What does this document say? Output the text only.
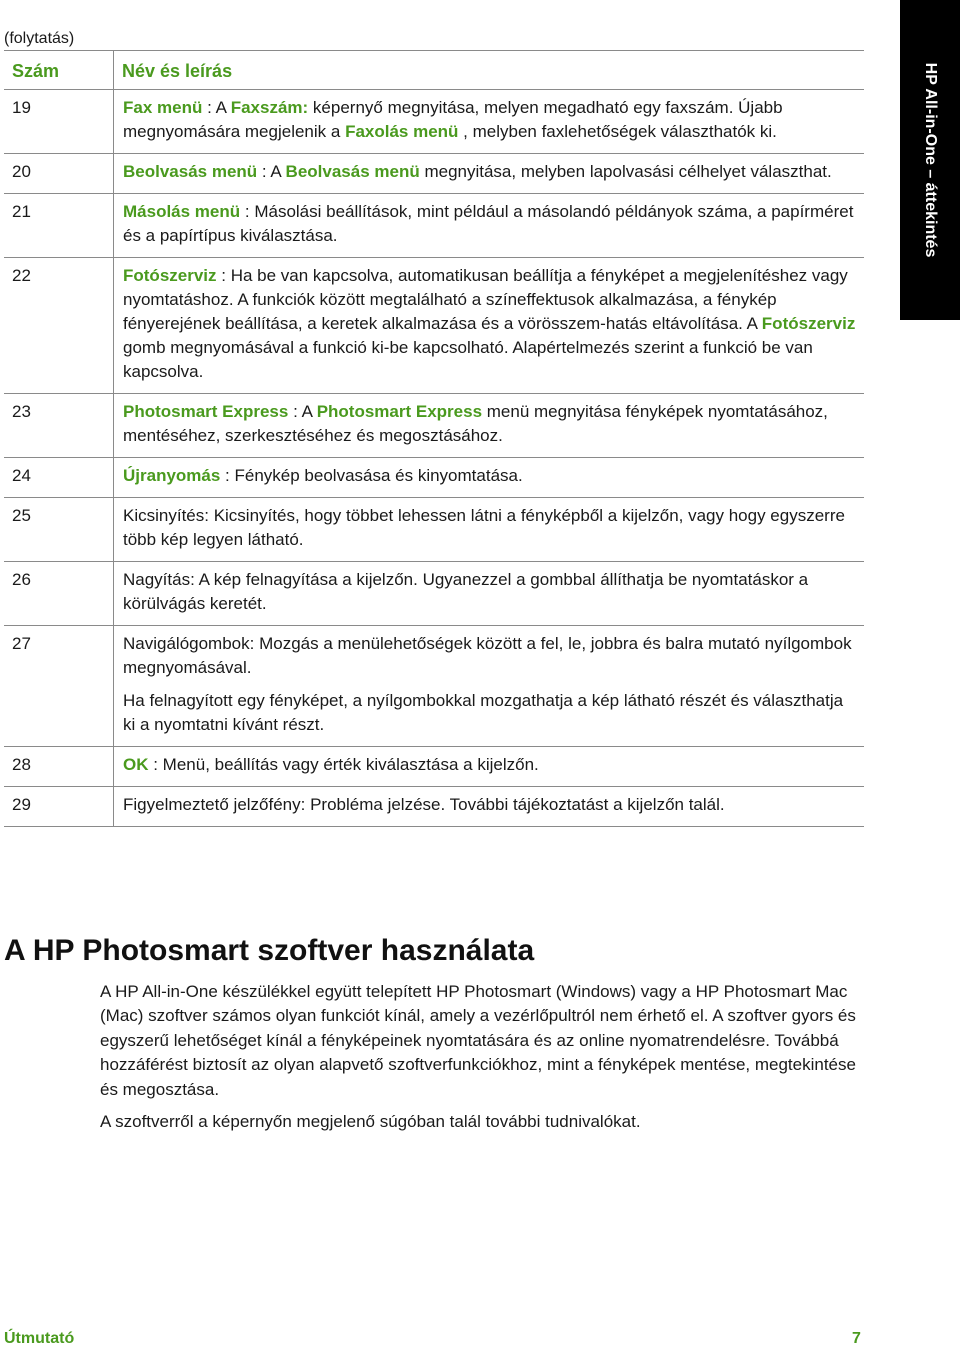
(folytatás)
HP All-in-One – áttekintés
Szám	Név és leírás
19	Fax menü : A Faxszám: képernyő megnyitása, melyen megadható egy faxszám. Újabb megnyomására megjelenik a Faxolás menü , melyben faxlehetőségek választhatók ki.

20	Beolvasás menü : A Beolvasás menü megnyitása, melyben lapolvasási célhelyet választhat.

21	Másolás menü : Másolási beállítások, mint például a másolandó példányok száma, a papírméret és a papírtípus kiválasztása.

22	Fotószerviz : Ha be van kapcsolva, automatikusan beállítja a fényképet a megjelenítéshez vagy nyomtatáshoz. A funkciók között megtalálható a színeffektusok alkalmazása, a fénykép fényerejének beállítása, a keretek alkalmazása és a vörösszem-hatás eltávolítása. A Fotószerviz gomb megnyomásával a funkció ki-be kapcsolható. Alapértelmezés szerint a funkció be van kapcsolva.

23	Photosmart Express : A Photosmart Express menü megnyitása fényképek nyomtatásához, mentéséhez, szerkesztéséhez és megosztásához.

24	Újranyomás : Fénykép beolvasása és kinyomtatása.

25	Kicsinyítés: Kicsinyítés, hogy többet lehessen látni a fényképből a kijelzőn, vagy hogy egyszerre több kép legyen látható.

26	Nagyítás: A kép felnagyítása a kijelzőn. Ugyanezzel a gombbal állíthatja be nyomtatáskor a körülvágás keretét.

27	Navigálógombok: Mozgás a menülehetőségek között a fel, le, jobbra és balra mutató nyílgombok megnyomásával.
Ha felnagyított egy fényképet, a nyílgombokkal mozgathatja a kép látható részét és választhatja ki a nyomtatni kívánt részt.

28	OK : Menü, beállítás vagy érték kiválasztása a kijelzőn.

29	Figyelmeztető jelzőfény: Probléma jelzése. További tájékoztatást a kijelzőn talál.
A HP Photosmart szoftver használata

A HP All-in-One készülékkel együtt telepített HP Photosmart (Windows) vagy a HP Photosmart Mac (Mac) szoftver számos olyan funkciót kínál, amely a vezérlőpultról nem érhető el. A szoftver gyors és egyszerű lehetőséget kínál a fényképeinek nyomtatására és az online nyomatrendelésre. Továbbá hozzáférést biztosít az olyan alapvető szoftverfunkciókhoz, mint a fényképek mentése, megtekintése és megosztása.

A szoftverről a képernyőn megjelenő súgóban talál további tudnivalókat.

Útmutató	7
